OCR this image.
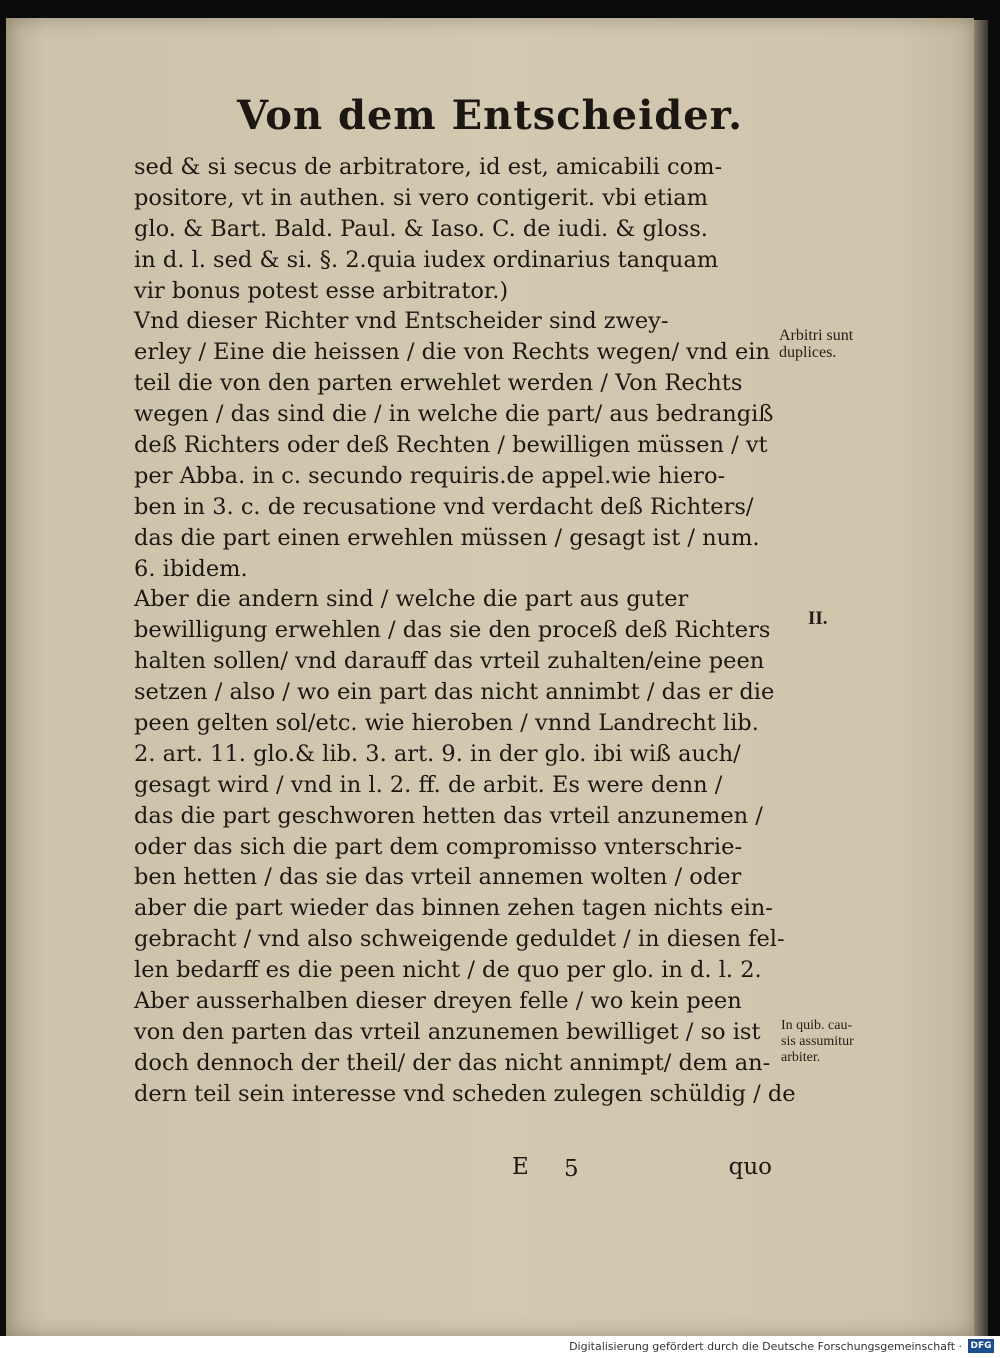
Von dem Entscheider.
sed & si secus de arbitratore, id est, amicabili com-
positore, vt in authen. si vero contigerit. vbi etiam
glo. & Bart. Bald. Paul. & Iaso. C. de iudi. & gloss.
in d. l. sed & si. §. 2.quia iudex ordinarius tanquam
vir bonus potest esse arbitrator.)
Vnd dieser Richter vnd Entscheider sind zwey-
erley / Eine die heissen / die von Rechts wegen/ vnd ein
teil die von den parten erwehlet werden / Von Rechts
wegen / das sind die / in welche die part/ aus bedrangiß
deß Richters oder deß Rechten / bewilligen müssen / vt
per Abba. in c. secundo requiris.de appel.wie hiero-
ben in 3. c. de recusatione vnd verdacht deß Richters/
das die part einen erwehlen müssen / gesagt ist / num.
6. ibidem.
Aber die andern sind / welche die part aus guter
bewilligung erwehlen / das sie den proceß deß Richters
halten sollen/ vnd darauff das vrteil zuhalten/eine peen
setzen / also / wo ein part das nicht annimbt / das er die
peen gelten sol/etc. wie hieroben / vnnd Landrecht lib.
2. art. 11. glo.& lib. 3. art. 9. in der glo. ibi wiß auch/
gesagt wird / vnd in l. 2. ff. de arbit. Es were denn /
das die part geschworen hetten das vrteil anzunemen /
oder das sich die part dem compromisso vnterschrie-
ben hetten / das sie das vrteil annemen wolten / oder
aber die part wieder das binnen zehen tagen nichts ein-
gebracht / vnd also schweigende geduldet / in diesen fel-
len bedarff es die peen nicht / de quo per glo. in d. l. 2.
Aber ausserhalben dieser dreyen felle / wo kein peen
von den parten das vrteil anzunemen bewilliget / so ist
doch dennoch der theil/ der das nicht annimpt/ dem an-
dern teil sein interesse vnd scheden zulegen schüldig / de
Arbitri sunt
duplices.
II.
In quib. cau-
sis assumitur
arbiter.
E 5	quo
Digitalisierung gefördert durch die Deutsche Forschungsgemeinschaft · DFG
